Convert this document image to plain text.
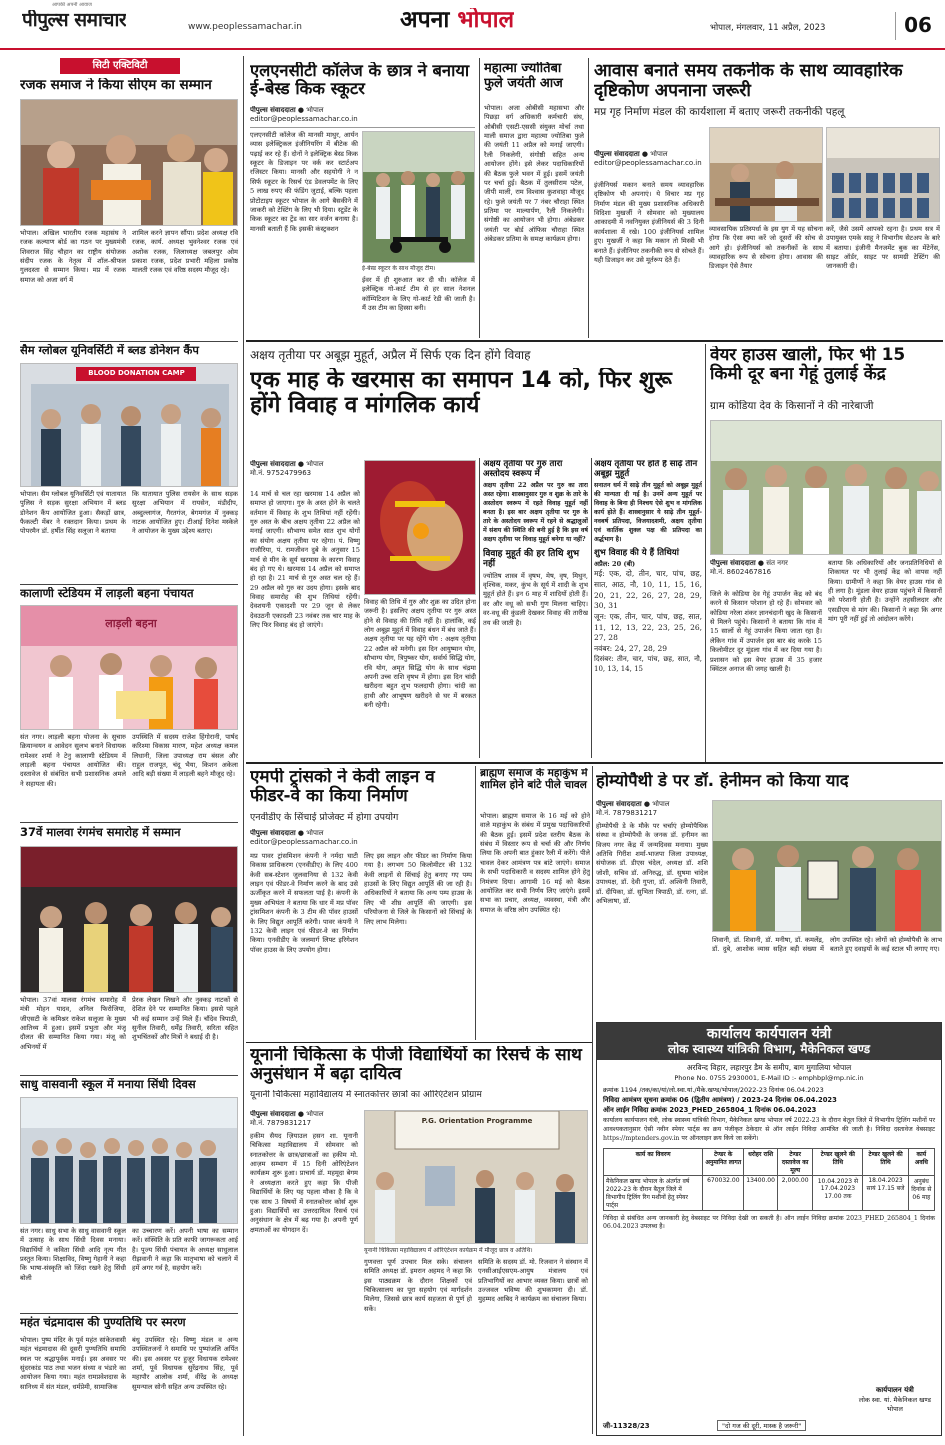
आपकी अपनी आवाज
पीपुल्स समाचार	www.peoplessamachar.in	अपना भोपाल	भोपाल, मंगलवार, 11 अप्रैल, 2023	06
सिटी एक्टिविटी
रजक समाज ने किया सीएम का सम्मान
भोपाल। अखिल भारतीय रजक महासंघ ने रजक कल्याण बोर्ड का गठन पर मुख्यमंत्री शिवराज सिंह चौहान का राष्ट्रीय संयोजक संदीप रजक के नेतृत्व में शॉल-श्रीफल गुलदस्ता से सम्मान किया। मप्र में रजक समाज को अजा वर्ग में
शामिल करने ज्ञापन सौंपा। प्रदेश अध्यक्ष रवि रजक, कार्य. अध्यक्ष भुवनेश्वर रजक एवं अशोक रजक, जिलाध्यक्ष जबलपुर ओम प्रकाश रजक, प्रदेश प्रभारी महिला प्रकोष्ठ मालती रजक एवं वरिष्ठ सदस्य मौजूद रहे।
सैम ग्लोबल यूनिवर्सिटी में ब्लड डोनेशन कैंप
BLOOD DONATION CAMP
भोपाल। सैम ग्लोबल यूनिवर्सिटी एवं यातायात पुलिस ने सड़क सुरक्षा अभियान में ब्लड डोनेशन कैंप आयोजित हुआ। सैकड़ों छात्र, फैकल्टी मेंबर ने रक्तदान किया। प्रथम के पोपरमैन डॉ. हर्षीत सिंह सलूजा ने बताया
कि यातायात पुलिस रायसेन के साथ सड़क सुरक्षा अभियान में रायसेन, मंडीदीप, अब्दुल्लागंज, गैरतगंज, बेगमगंज में नुक्कड़ नाटक आयोजित हुए। टीआई दिनेश मस्केले ने आयोजन के मुख्य उद्देश्य बताए।
कालाणी स्टेडियम में लाड़ली बहना पंचायत
लाड़ली बहना
संत नगर। लाड़ली बहना योजना के सुचारु क्रियान्वयन व आवेदन सुलभ बनाने विधायक रामेश्वर शर्मा ने टेनु कालाणी स्टेडियम में लाड़ली बहना पंचायत आयोजित की। दस्तावेज से संबंधित सभी प्रशासनिक अमले ने सहायता की।
उपस्थिति में सदस्य राजेश हिंगोरानी, पार्षद करिश्मा विकास मारण, महेश अध्यक्ष कमल लिधानी, जिला उपाध्यक्ष राम बंसल और राहुल राजपूत, चंदू भैया, किशन अकेला आदि बड़ी संख्या में लाड़ली बहने मौजूद रहे।
37वें मालवा रंगमंच समारोह में सम्मान
भोपाल। 37वां मालवा रंगमंच समारोह में मंत्री मोहन यादव, अनिल फिरोजिया, जीएसटी के कमिश्नर राकेश सलूजा के मुख्य आतिथ्य में हुआ। इसमें प्रभुता और मंजू दौलत की सम्मानित किया गया। मंजू को अभिनयों में
प्रेरक लेखन लिखने और नुक्कड़ नाटकों से देशित देने पर सम्मानित किया। इससे पहले भी कई सम्मान उन्हें मिले हैं। चौंदेव त्रिपाठी, सुनील तिवारी, धर्मेंद्र तिवारी, सरिता सहित शुभचिंतकों और मित्रों ने बधाई दी है।
साधु वासवानी स्कूल में मनाया सिंधी दिवस
संत नगर। साधु सभा के साधु वासवानी स्कूल में उत्साह के साथ सिंधी दिवस मनाया। विद्यार्थियों ने कविता सिंधी आदि नृत्य गीत प्रस्तुत किया। शिक्षाविद, विष्णु गेहानी ने कहा कि भाषा-संस्कृति को जिंदा रखने हेतु सिंधी बोली
का उच्चारण करें। अपनी भाषा का सम्मान करें। संस्थिति के प्रति काफी जागरूकता आई है। पूज्य सिंधी पंचायत के अध्यक्ष साधुलाल रीझवानी ने कहा कि मातृभाषा को चलाने में हमें अगर गर्व है, सहयोग करें।
महंत चंद्रमादास की पुण्यतिथि पर स्मरण
भोपाल। पुष्प मंदिर के पूर्व महंत सांकेतवासी महंत चंद्रमादास की दूसरी पुण्यतिथि समाधि स्थल पर श्रद्धापूर्वक मनाई। इस अवसर पर सुंदरकांड पाठ तथा भजन संध्या व भंडारे का आयोजन किया गया। महंत रामप्रवेशदास के सानिध्य में संत मंडल, धर्मप्रेमी, सामाजिक
बंधु उपस्थित रहे। विष्णु मंडल व अन्य उपस्थितजनों ने समाधि पर पुष्पांजलि अर्पित की। इस अवसर पर हुजूर विधायक रामेश्वर शर्मा, पूर्व विधायक सुरेंद्रनाथ सिंह, पूर्व महापौर आलोक शर्मा, वीरेंद्र के अध्यक्ष सुमन्याल सोनी सहित अन्य उपस्थित रहे।
एलएनसीटी कॉलेज के छात्र ने बनाया ई-बेस्ड किक स्कूटर
पीपुल्स संवाददाता ● भोपाल
editor@peoplessamachar.co.in
एलएनसीटी कॉलेज की मानसी माथुर, आर्यन व्यास इलेक्ट्रिकल इंजीनियरिंग में बीटेक की पढ़ाई कर रहे हैं। दोनों ने इलेक्ट्रिक बेस्ड किक स्कूटर के डिजाइन पर वर्क कर स्टार्टअप रजिस्टर किया। मानसी और सहयोगी ने न सिर्फ स्कूटर के रिसर्च एंड डेवलपमेंट के लिए 5 लाख रुपए की फंडिंग जुटाई, बल्कि पहला प्रोटोटाइप स्कूटर भोपाल के आगे बैसकीने में जाकरी को टेस्टिंग के लिए भी दिया। स्टूडेंट के किक स्कूटर का ट्रेंड का सार वर्जन बनाया है। मानसी बताती हैं कि इसकी कंस्ट्रक्शन
ई-बेस्ड स्कूटर के साथ मौजूद टीम।
ईवर में ही शुरुआत कर दी थी। कॉलेज में इलेक्ट्रिक गो-कार्ट टीम से हर साल नेशनल कॉम्पिटिशन के लिए गो-कार्ट रेडी की जाती है। मैं उस टीम का हिस्सा बनी।
महात्मा ज्योतिबा फुले जयंती आज
भोपाल। अजा ओबीसी महासभा और पिछड़ा वर्ग अधिकारी कर्मचारी संघ, ओबीसी एसटी-एससी संयुक्त मोर्चा तथा माली समाज द्वारा महात्मा ज्योतिबा फुले की जयंती 11 अप्रैल को मनाई जाएगी। रैली निकलेगी, संगोष्ठी सहित अन्य आयोजन होंगे। इसे लेकर पदाधिकारियों की बैठक फुले भवन में हुई। इसमें जयंती पर चर्चा हुई। बैठक में तुलसीराम पटेल, जीपी माली, राम विश्वास कुशवाहा मौजूद रहे। फुले जयंती पर 7 नंबर चौराहा स्थित प्रतिमा पर माल्यार्पण, रैली निकलेगी। संगोष्ठी का आयोजन भी होगा। अंबेडकर जयंती पर बोर्ड ऑफिस चौराहा स्थित अंबेडकर प्रतिमा के समक्ष कार्यक्रम होगा।
आवास बनाते समय तकनीक के साथ व्यावहारिक दृष्टिकोण अपनाना जरूरी
मप्र गृह निर्माण मंडल की कार्यशाला में बताए जरूरी तकनीकी पहलू
पीपुल्स संवाददाता ● भोपाल
editor@peoplessamachar.co.in
इंजीनियर्स मकान बनाते समय व्यावहारिक दृष्टिकोण भी अपनाएं। ये विचार मप्र गृह निर्माण मंडल की मुख्य प्रशासनिक अधिकारी विदिशा मुखर्जी ने सोमवार को मुख्यालय आकादमी में नवनियुक्त इंजीनियर्स की 3 दिनी कार्यशाला में रखे। 100 इंजीनियर्स शामिल हुए। मुखर्जी ने कहा कि मकान तो मिस्त्री भी बनाते हैं। इंजीनियर तकनीकी रूप से सोचते हैं। यही डिजाइन कर उसे मूर्तरूप देते हैं।
व्यावसायिक प्रतिस्पर्धा के इस युग में यह सोचना होगा कि ऐसा क्या करें जो दूसरों की सोच से आगे हो। इंजीनियर्स को तकनीकों के साथ व्यावहारिक रूप से सोचना होगा। आवास की डिजाइन ऐसे तैयार
करें, जैसे उसमें आपको रहना है। प्रथम सत्र में उपायुक्त एमके साहू ने विभागीय सेटअप के बारे में बताया। इंजीनी मैनजमेंट बुक का मेंटेनेंस, साइट ऑर्डर, साइट पर सामग्री टेस्टिंग की जानकारी दी।
अक्षय तृतीया पर अबूझ मुहूर्त, अप्रैल में सिर्फ एक दिन होंगे विवाह
एक माह के खरमास का समापन 14 को, फिर शुरू होंगे विवाह व मांगलिक कार्य
पीपुल्स संवाददाता ● भोपाल
मो.नं. 9752479963
14 मार्च से चल रहा खरमास 14 अप्रैल को समाप्त हो जाएगा। गुरु के अस्त होने के चलते वर्तमान में विवाह के शुभ तिथियां नहीं रहेंगी। गुरु अस्त के बीच अक्षय तृतीया 22 अप्रैल को मनाई जाएगी। सौभाग्य समेत सात शुभ योगों का संयोग अक्षय तृतीया पर रहेगा। पं. विष्णु राजौरिया, पं. रामजीवन दुबे के अनुसार 15 मार्च से मीन के सूर्य खरमास के कारण विवाह बंद हो गए थे। खरमास 14 अप्रैल को समाप्त हो रहा है। 21 मार्च से गुरु अस्त चल रहे हैं। 29 अप्रैल को गुरु का उदय होगा। इसके बाद विवाह समारोह की शुभ तिथियां रहेंगी। देवशयनी एकादशी पर 29 जून से लेकर देवउठनी एकादशी 23 नवंबर तक चार माह के लिए फिर विवाह बंद हो जाएंगे।
विवाह की तिथि में गुरु और शुक्र का उदित होना जरूरी है। इसलिए अक्षय तृतीया पर गुरु अस्त होने से विवाह की तिथि नहीं है। हालांकि, कई लोग अबूझ मुहूर्त में विवाह बंधन में बंध जाते हैं। अक्षय तृतीया पर यह रहेंगे योग : अक्षय तृतीया 22 अप्रैल को मनेगी। इस दिन आयुष्मान योग, सौभाग्य योग, त्रिपुष्कर योग, सर्वार्थ सिद्धि योग, रवि योग, अमृत सिद्धि योग के साथ चंद्रमा अपनी उच्च राशि वृषभ में होगा। इस दिन चांदी खरीदना बहुत शुभ फलदायी होगा। चांदी का हाथी और आभूषण खरीदने से घर में बरकत बनी रहेगी।
अक्षय तृतीया पर गुरु तारा अस्तोदय स्वरूप में
अक्षय तृतीया 22 अप्रैल पर गुरु का तारा अस्त रहेगा। शास्त्रानुसार गुरु व शुक्र के तारे के अस्तोदय स्वरूप में रहते विवाह मुहूर्त नहीं बनता है। इस बार अक्षय तृतीया पर गुरु के तारे के अस्तोदय स्वरूप में रहने से श्रद्धालुओं में संशय की स्थिति की बनी हुई है कि इस वर्ष अक्षय तृतीया पर विवाह मुहूर्त बनेगा या नहीं?
विवाह मुहूर्त की हर तिथि शुभ नहीं
ज्योतिष शास्त्र में वृषभ, मेष, वृष, मिथुन, वृश्चिक, मकर, कुंभ के सूर्य में शादी के शुभ मुहूर्त होते हैं। इन 6 माह में शादियों होती हैं। वर और वधू को सभी गुण मिलना चाहिए। वर-वधू की कुंडली देखकर विवाह की तारीख तय की जाती है।
अक्षय तृतीया पर होते हैं साढ़े तीन अबूझ मुहूर्त
सनातन धर्म में साढ़े तीन मुहूर्त को अबूझ मुहूर्त की मान्यता दी गई है। उनमें अन्य मुहूर्त पर विवाह के बिना ही निश्चय ऐसे शुभ व मांगलिक कार्य होते हैं। शास्त्रानुसार ये साढ़े तीन मुहूर्त-नवबर्ष प्रतिपदा, विजयादशमी, अक्षय तृतीया एवं कार्तिक शुक्ल पक्ष की प्रतिपदा का अर्द्धभाग है।
शुभ विवाह की ये हैं तिथियां
अप्रैल: 20 (बी)
मई: एक, दो, तीन, चार, पांच, छह, सात, आठ, नौ, 10, 11, 15, 16, 20, 21, 22, 26, 27, 28, 29, 30, 31
जून: एक, तीन, चार, पांच, छह, सात, 11, 12, 13, 22, 23, 25, 26, 27, 28
नवंबर: 24, 27, 28, 29
दिसंबर: तीन, चार, पांच, छह, सात, नौ, 10, 13, 14, 15
वेयर हाउस खाली, फिर भी 15 किमी दूर बना गेहूं तुलाई केंद्र
ग्राम कोडिया देव के किसानों ने की नारेबाजी
पीपुल्स संवाददाता ● संत नगर
मो.नं. 8602467816
जिले के कोडिया देव गेहूं उपार्जन केंद्र को बंद करने से किसान परेशान हो रहे हैं। सोमवार को कोडिया नरेला शंकर ज्ञानचंदानी खुद के किसानों से मिलने पहुंचे। किसानों ने बताया कि गांव में 15 सालों से गेहूं उपार्जन किया जाता रहा है। लेकिन गांव में उपार्जन इस बार बंद करके 15 किलोमीटर दूर मूंडला गांव में कर दिया गया है। प्रशासन को इस वेयर हाउस में 35 हजार क्विंटल अनाज की जगह खाली है।
बताया कि अधिकारियों और जनप्रतिनिधियों से शिकायत पर भी तुलाई केंद्र को वापस नहीं किया। ग्रामीणों ने कहा कि वेयर हाउस गांव से ही लगा है। मूंडला वेयर हाउस पहुंचने में किसानों को परेशानी होती है। उन्होंने तहसीलदार और एसडीएम से मांग की। किसानों ने कहा कि अगर मांग पूरी नहीं हुई तो आंदोलन करेंगे।
एमपी ट्रांसको ने केवी लाइन व फीडर-वे का किया निर्माण
एनवीडीए के सिंचाई प्रोजेक्ट में होगा उपयोग
पीपुल्स संवाददाता ● भोपाल
editor@peoplessamachar.co.in
मप्र पावर ट्रांसमिशन कंपनी ने नर्मदा घाटी विकास प्राधिकरण (एनवीडीए) के लिए 400 केवी सब-स्टेशन जुलवानिया से 132 केवी लाइन एवं फीडर-वे निर्माण करने के बाद उसे ऊर्जीकृत करने में सफलता पाई है। कंपनी के मुख्य अभियंता ने बताया कि धार में मप्र पॉवर ट्रांसमिशन कंपनी के 3 टीम की पॉवर हाउसों के लिए विद्युत आपूर्ति करेगी। पावर कंपनी ने 132 केवी लाइन एवं फीडर-वे का निर्माण किया। एनवीडीए के जलमार्ग लिफ्ट इरिगेशन पॉवर हाउस के लिए उपयोग होगा।
लिए इस लाइन और फीडर का निर्माण किया गया है। लगभग 50 किलोमीटर की 132 केवी लाइनों से सिंचाई हेतु बनाए गए पम्प हाउसों के लिए विद्युत आपूर्ति की जा रही है। अधिकारियों ने बताया कि अन्य पम्प हाउस के लिए भी शीघ्र आपूर्ति की जाएगी। इस परियोजना से जिले के किसानों को सिंचाई के लिए लाभ मिलेगा।
ब्राह्मण समाज के महाकुंभ में शामिल होने बांटे पीले चावल
भोपाल। ब्राह्मण समाज के 16 मई को होने वाले महाकुंभ के संबंध में प्रमुख पदाधिकारियों की बैठक हुई। इसमें प्रदेश स्तरीय बैठक के संबंध में विस्तार रूप से चर्चा की और निर्णय लिया कि अपनी बात हुंकार रैली में करेंगे। पीले चावल देकर आमंत्रण पत्र बांटे जाएंगे। समाज के सभी पदाधिकारी व सदस्य शामिल होने हेतु निमंत्रण दिया। आगामी 16 मई को बैठक आयोजित कर सभी निर्णय लिए जाएंगे। इसमें सभा का प्रचार, अध्यक्ष, व्यवस्था, मंत्री और समाज के वरिष्ठ लोग उपस्थित रहे।
होम्योपैथी डे पर डॉ. हेनीमन को किया याद
पीपुल्स संवाददाता ● भोपाल
मो.नं. 7879831217
होम्योपैथी डे के मौके पर चर्चाएं होम्योपैथिक संस्था व होम्योपैथी के जनक डॉ. हनीमन का विजय नगर केंद्र में जन्मदिवस मनाया। मुख्य अतिथि गिरीश शर्मा-भाजपा जिला उपाध्यक्ष, संयोजक डॉ. डीएस चंदेल, अध्यक्ष डॉ. शशि जोशी, सचिव डॉ. अनिरुद्ध, डॉ. सुषमा चांदेल उपाध्यक्ष, डॉ. देवी गुप्ता, डॉ. अश्विनी तिवारी, डॉ. दीपिका, डॉ. सुभिता त्रिपाठी, डॉ. रत्ना, डॉ. अभिलाषा, डॉ.
शिवानी, डॉ. शिवानी, डॉ. मनीषा, डॉ. कमलेंद्र, डॉ. दुबे, आशोक व्यास सहित बड़ी संख्या में लोग उपस्थित रहे। लोगों को होम्योपैथी के लाभ बताते हुए दवाइयों के कई स्टाल भी लगाए गए।
यूनानी चिकित्सा के पीजी विद्यार्थियों का रिसर्च के साथ अनुसंधान में बढ़ा दायित्व
यूनानी चिकित्सा महाविद्यालय में स्नातकोत्तर छात्रों का ओरिएंटेशन प्रोग्राम
पीपुल्स संवाददाता ● भोपाल
मो.नं. 7879831217
हकीम सैयद ज़ियाउल हसन शा. यूनानी चिकित्सा महाविद्यालय में सोमवार को स्नातकोत्तर के छात्र/छात्राओं का हकीम मो. आज़म सम्भाग में 15 दिनी ओरिएंटेशन कार्यक्रम शुरू हुआ। प्राचार्य डॉ. महमूदा बेगम ने अध्यक्षता करते हुए कहा कि पीजी विद्यार्थियों के लिए यह पहला मौका है कि वे एक साथ 3 विषयों में स्नातकोत्तर कोर्स शुरू हुआ। विद्यार्थियों का उत्तरदायित्व रिसर्च एवं अनुसंधान के क्षेत्र में बढ़ गया है। अपनी पूर्ण क्षमताओं का योगदान दें।
P.G. Orientation Programme
यूनानी चिकित्सा महाविद्यालय में ओरिएंटेशन कार्यक्रम में मौजूद छात्र व अतिथि।
गुणवत्ता पूर्ण उपचार मिल सके। संचालन समिति अध्यक्ष डॉ. इमरान अहमद ने कहा कि इस पाठ्यक्रम के दौरान शिक्षकों एवं चिकित्सालय का पूरा सहयोग एवं मार्गदर्शन मिलेगा, जिससे छात्र कार्य सहजता से पूर्ण हो सकें।
समिति के सदस्य डॉ. मो. रिजवान ने संस्थान में एनसीआईएसएम-आयुष मंत्रालय एवं प्रतिभागियों का आभार व्यक्त किया। छात्रों को उज्जवल भविष्य की शुभकामना दी। डॉ. मुहम्मद आबिद ने कार्यक्रम का संचालन किया।
कार्यालय कार्यपालन यंत्री
लोक स्वास्थ्य यांत्रिकी विभाग, मैकेनिकल खण्ड
अरविन्द विहार, लहारपुर डैम के समीप, बाग मुगालिया भोपाल
Phone No. 0755 2930001, E-Mail ID :- emphbpl@mp.nic.in
क्रमांक 1194 /तक/का/यां/लो.स्वा.यां./मैके.खण्ड/भोपाल/2022-23 दिनांक 06.04.2023
निविदा आमंत्रण सूचना क्रमांक 06 (द्वितीय आमंत्रण) / 2023-24 दिनांक 06.04.2023
ऑन लाईन निविदा क्रमांक 2023_PHED_265804_1 दिनांक 06.04.2023
कार्यालय कार्यपालन यंत्री, लोक स्वास्थ्य यांत्रिकी विभाग, मैकेनिकल खण्ड भोपाल वर्ष 2022-23 के दौरान बेतूल जिले में विभागीय ट्रिलिंग मशीनों पर आवश्यकतानुसार ऐसी नवीन स्पेयर पार्ट्स का क्रय पंजीकृत ठेकेदार से ऑन लाईन निविदा आमंत्रित की जाती है। निविदा दस्तावेज वेबसाइट https://mptenders.gov.in पर ऑनलाइन क्रय किये जा सकेंगे।
कार्य का विवरण	टेण्डर के अनुमानित लागत	धरोहर राशि	टेण्डर दस्तावेज का मूल्य	टेण्डर खुलने की तिथि	टेण्डर खुलने की तिथि	कार्य अवधि
मैकेनिकल खण्ड भोपाल के अंतर्गत वर्ष 2022-23 के दौरान बैतूल जिले में विभागीय ट्रिलिंग रिग मशीनों हेतु स्पेयर पार्ट्स	670032.00	13400.00	2,000.00	10.04.2023 से 17.04.2023 17.00 तक	18.04.2023 सायं 17.15 बजे	अनुबंध दिनांक से 06 माह
निविदा से संबंधित अन्य जानकारी हेतु वेबसाइट पर निविदा देखी जा सकती है। ऑन लाईन निविदा क्रमांक 2023_PHED_265804_1 दिनांक 06.04.2023 उपलब्ध है।
कार्यपालन यंत्री
लोक स्वा. यां. मैकेनिकल खण्ड
भोपाल
जी-11328/23	"दो गज की दूरी, मास्क है जरूरी"
